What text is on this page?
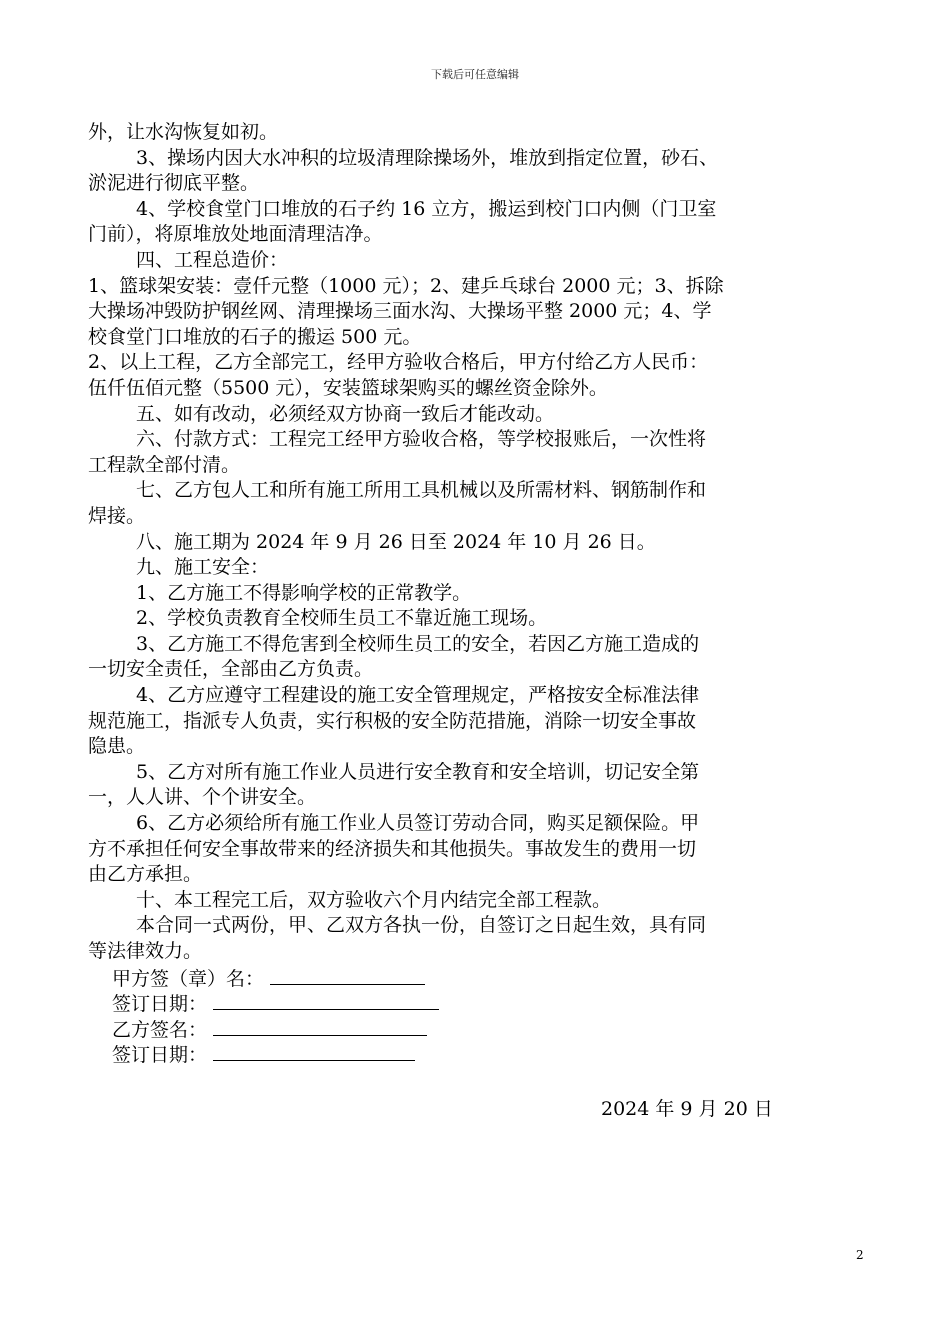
下载后可任意编辑
外，让水沟恢复如初。
3、操场内因大水冲积的垃圾清理除操场外，堆放到指定位置，砂石、
淤泥进行彻底平整。
4、学校食堂门口堆放的石子约 16 立方，搬运到校门口内侧（门卫室
门前），将原堆放处地面清理洁净。
四、工程总造价：
1、篮球架安装：壹仟元整（1000 元）；2、建乒乓球台 2000 元；3、拆除
大操场冲毁防护钢丝网、清理操场三面水沟、大操场平整 2000 元；4、学
校食堂门口堆放的石子的搬运 500 元。
2、以上工程，乙方全部完工，经甲方验收合格后，甲方付给乙方人民币：
伍仟伍佰元整（5500 元），安装篮球架购买的螺丝资金除外。
五、如有改动，必须经双方协商一致后才能改动。
六、付款方式：工程完工经甲方验收合格，等学校报账后，一次性将
工程款全部付清。
七、乙方包人工和所有施工所用工具机械以及所需材料、钢筋制作和
焊接。
八、施工期为 2024 年 9 月 26 日至 2024 年 10 月 26 日。
九、施工安全：
1、乙方施工不得影响学校的正常教学。
2、学校负责教育全校师生员工不靠近施工现场。
3、乙方施工不得危害到全校师生员工的安全，若因乙方施工造成的
一切安全责任，全部由乙方负责。
4、乙方应遵守工程建设的施工安全管理规定，严格按安全标准法律
规范施工，指派专人负责，实行积极的安全防范措施，消除一切安全事故
隐患。
5、乙方对所有施工作业人员进行安全教育和安全培训，切记安全第
一，人人讲、个个讲安全。
6、乙方必须给所有施工作业人员签订劳动合同，购买足额保险。甲
方不承担任何安全事故带来的经济损失和其他损失。事故发生的费用一切
由乙方承担。
十、本工程完工后，双方验收六个月内结完全部工程款。
本合同一式两份，甲、乙双方各执一份，自签订之日起生效，具有同
等法律效力。
甲方签（章）名：
签订日期：
乙方签名：
签订日期：
2024 年 9 月 20 日
2
